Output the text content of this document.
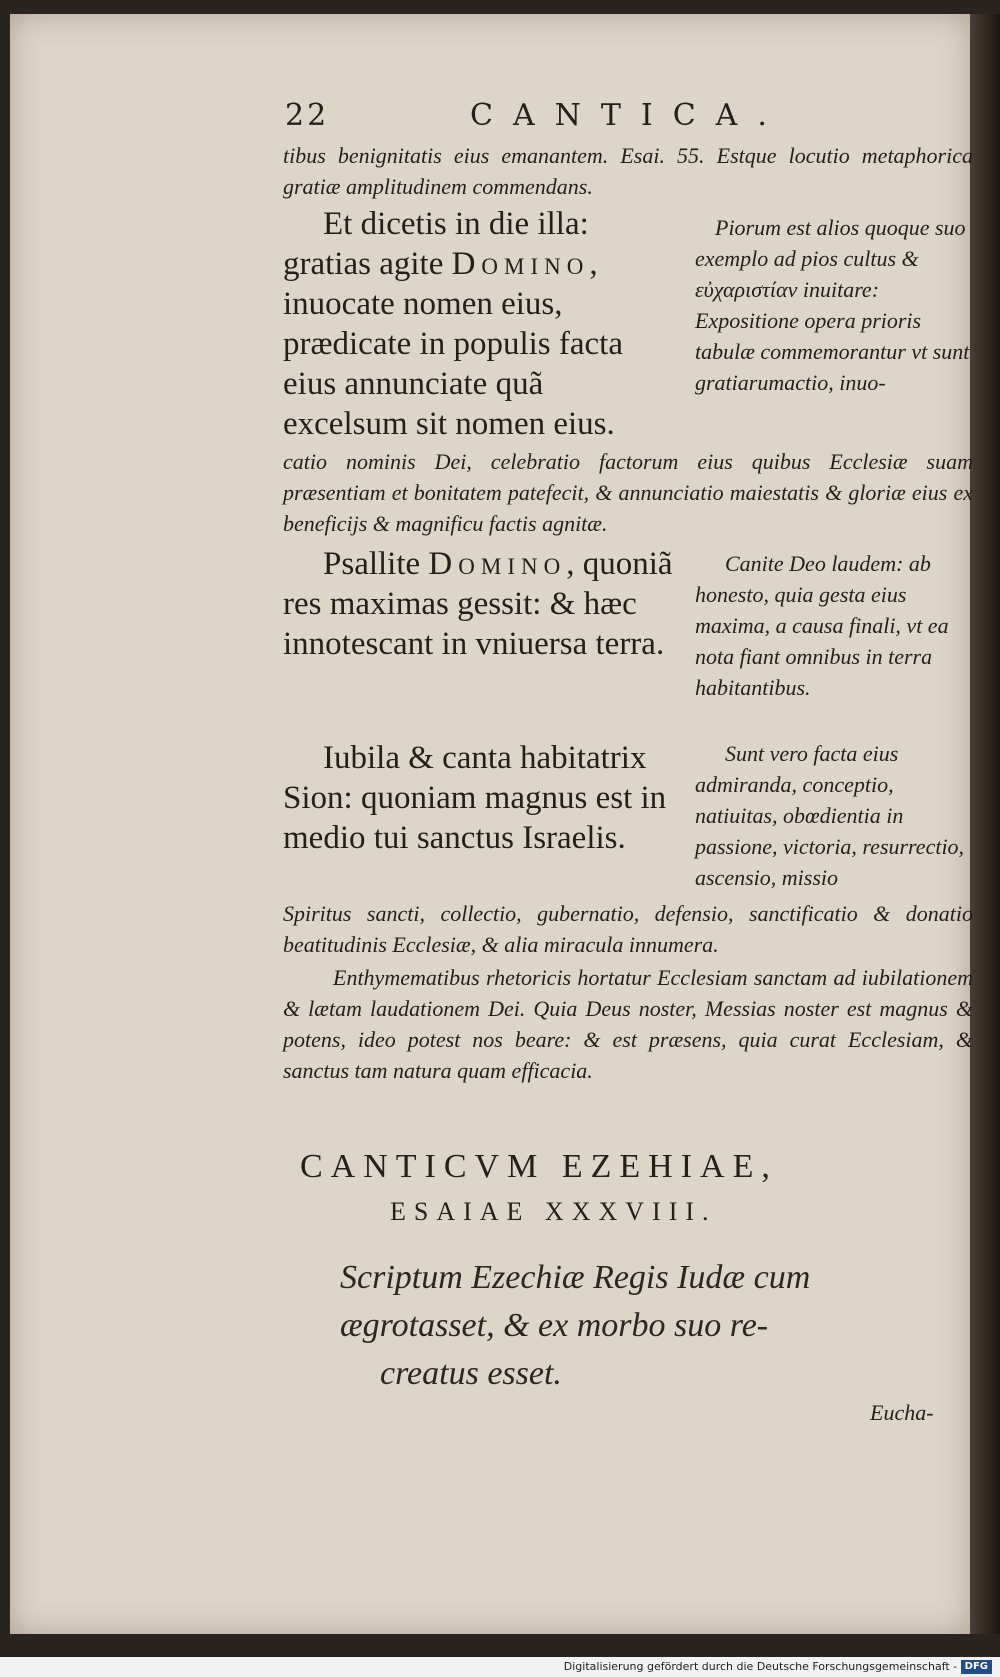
22	CANTICA.
tibus benignitatis eius emanantem. Esai. 55. Estque locutio metaphorica gratiæ amplitudinem commendans.
Et dicetis in die illa: gratias agite Domino, inuocate nomen eius, prædicate in populis facta eius annunciate quã excelsum sit nomen eius.
Piorum est alios quoque suo exemplo ad pios cultus & εὐχαριστίαν inuitare: Expositione opera prioris tabulæ commemorantur vt sunt gratiarumactio, inuo-
catio nominis Dei, celebratio factorum eius quibus Ecclesiæ suam præsentiam et bonitatem patefecit, & annunciatio maiestatis & gloriæ eius ex beneficijs & magnificu factis agnitæ.
Psallite Domino, quoniã res maximas gessit: & hæc innotescant in vniuersa terra.
Canite Deo laudem: ab honesto, quia gesta eius maxima, a causa finali, vt ea nota fiant omnibus in terra habitantibus.
Iubila & canta habitatrix Sion: quoniam magnus est in medio tui sanctus Israelis.
Sunt vero facta eius admiranda, conceptio, natiuitas, obœdientia in passione, victoria, resurrectio, ascensio, missio
Spiritus sancti, collectio, gubernatio, defensio, sanctificatio & donatio beatitudinis Ecclesiæ, & alia miracula innumera.
Enthymematibus rhetoricis hortatur Ecclesiam sanctam ad iubilationem & lætam laudationem Dei. Quia Deus noster, Messias noster est magnus & potens, ideo potest nos beare: & est præsens, quia curat Ecclesiam, & sanctus tam natura quam efficacia.
CANTICVM EZEHIAE,
ESAIAE XXXVIII.
Scriptum Ezechiæ Regis Iudæ cum
ægrotasset, & ex morbo suo re-
creatus esset.
Eucha-
Digitalisierung gefördert durch die Deutsche Forschungsgemeinschaft - DFG
